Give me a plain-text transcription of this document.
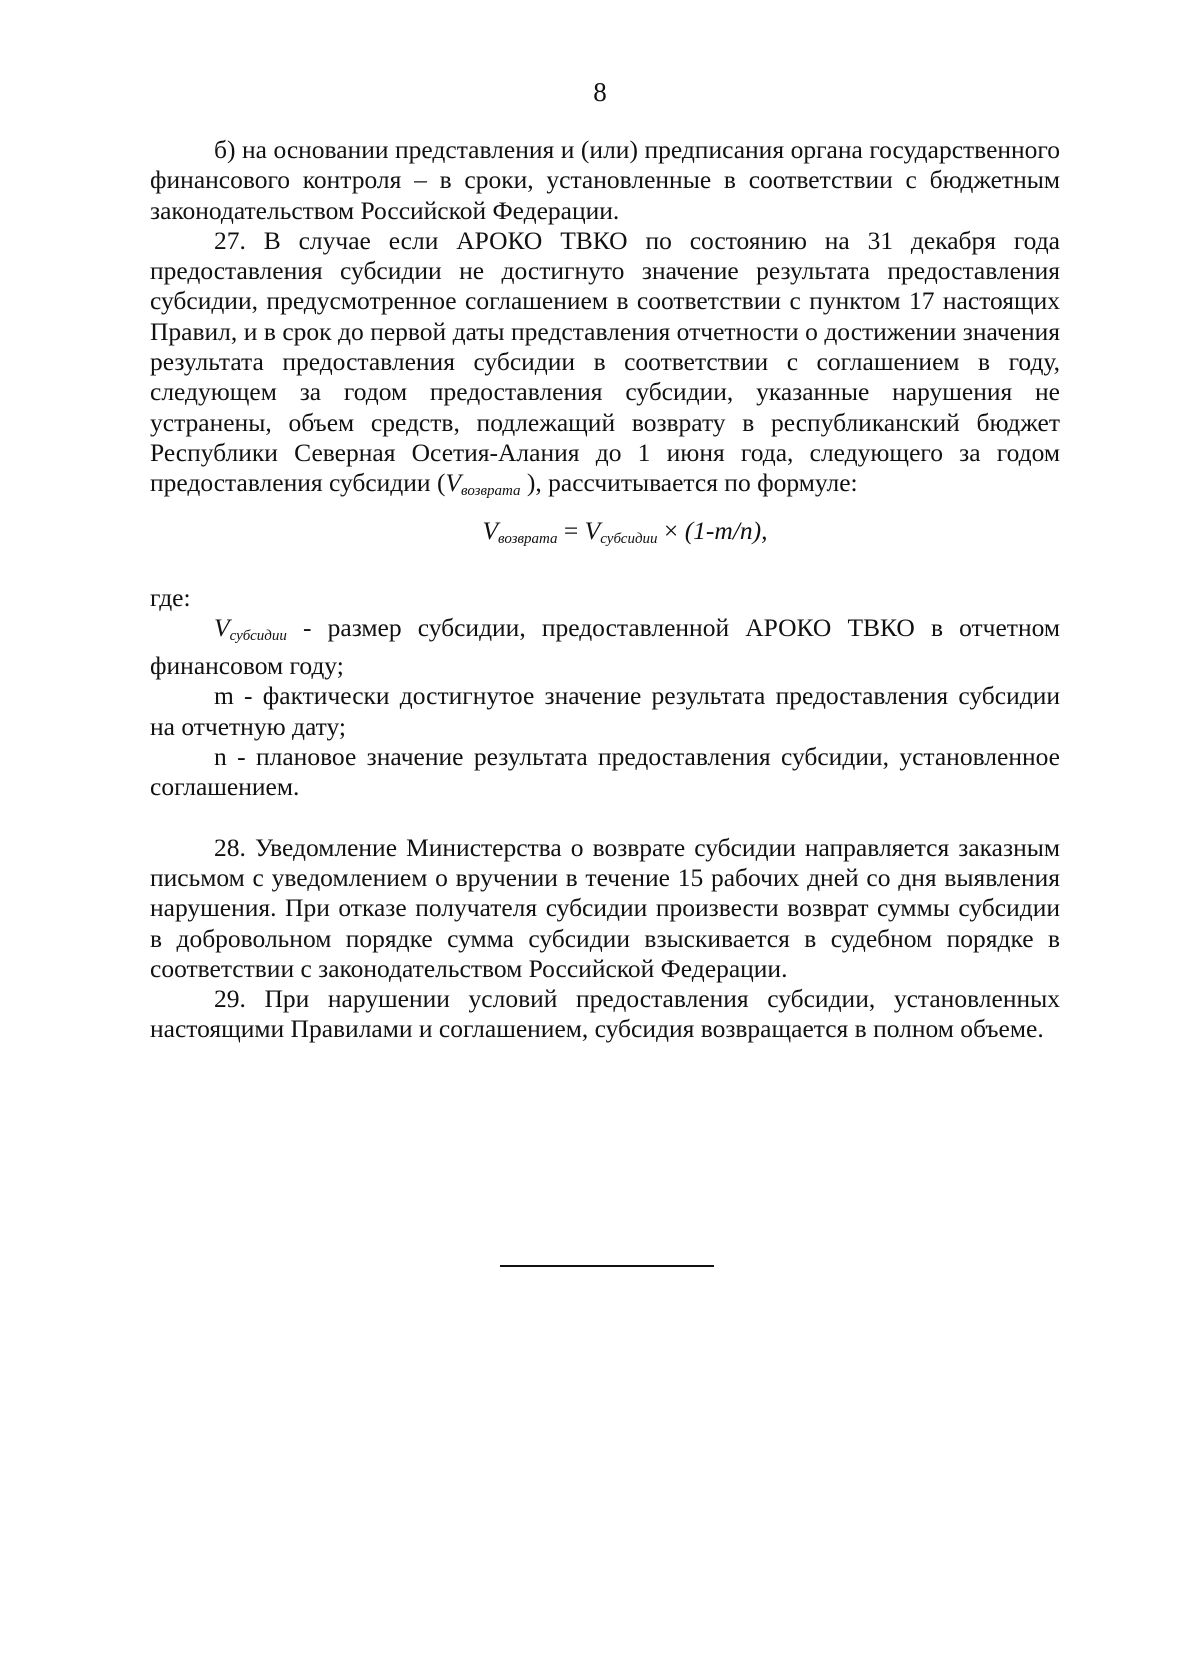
8

б) на основании представления и (или) предписания органа государственного финансового контроля – в сроки, установленные в соответствии с бюджетным законодательством Российской Федерации.

27. В случае если АРОКО ТВКО по состоянию на 31 декабря года предоставления субсидии не достигнуто значение результата предоставления субсидии, предусмотренное соглашением в соответствии с пунктом 17 настоящих Правил, и в срок до первой даты представления отчетности о достижении значения результата предоставления субсидии в соответствии с соглашением в году, следующем за годом предоставления субсидии, указанные нарушения не устранены, объем средств, подлежащий возврату в республиканский бюджет Республики Северная Осетия-Алания до 1 июня года, следующего за годом предоставления субсидии ($V_{возврата}$ ), рассчитывается по формуле:

$V_{возврата} = V_{субсидии} \times (1-m/n)$,

где:

$V_{субсидии}$ - размер субсидии, предоставленной АРОКО ТВКО в отчетном финансовом году;

m - фактически достигнутое значение результата предоставления субсидии на отчетную дату;

n - плановое значение результата предоставления субсидии, установленное соглашением.

28. Уведомление Министерства о возврате субсидии направляется заказным письмом с уведомлением о вручении в течение 15 рабочих дней со дня выявления нарушения. При отказе получателя субсидии произвести возврат суммы субсидии в добровольном порядке сумма субсидии взыскивается в судебном порядке в соответствии с законодательством Российской Федерации.

29. При нарушении условий предоставления субсидии, установленных настоящими Правилами и соглашением, субсидия возвращается в полном объеме.
